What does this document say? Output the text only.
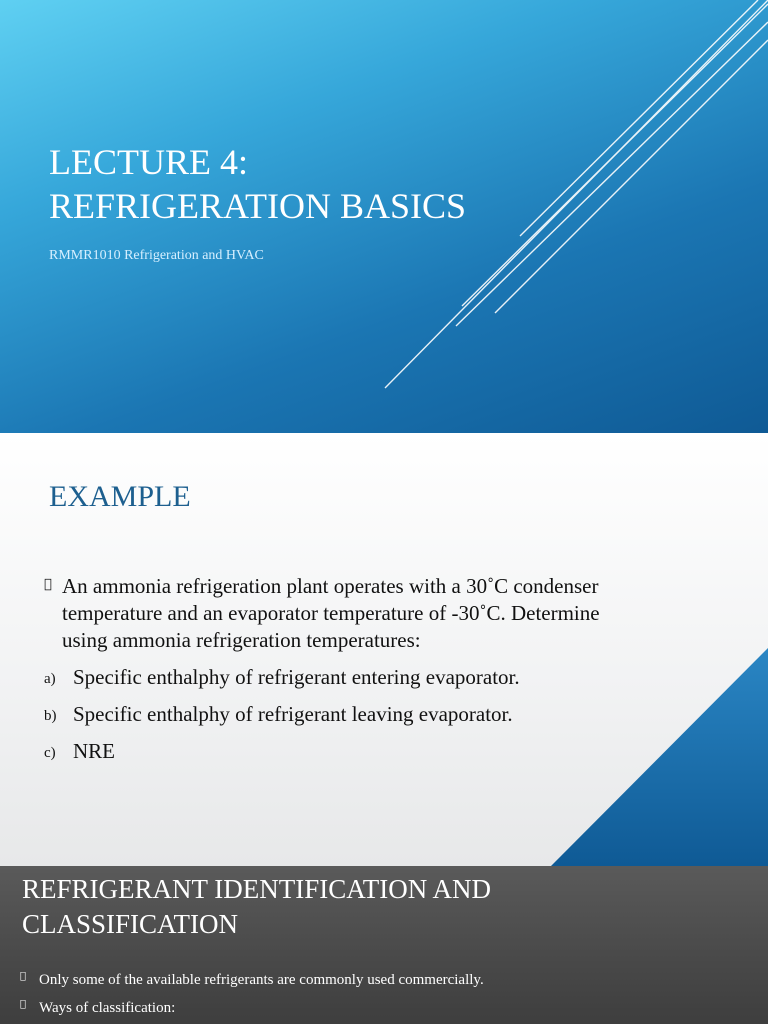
LECTURE 4:
REFRIGERATION BASICS
RMMR1010 Refrigeration and HVAC
EXAMPLE
An ammonia refrigeration plant operates with a 30˚C condenser
temperature and an evaporator temperature of -30˚C. Determine
using ammonia refrigeration temperatures:
a) Specific enthalphy of refrigerant entering evaporator.
b) Specific enthalphy of refrigerant leaving evaporator.
c) NRE
REFRIGERANT IDENTIFICATION AND
CLASSIFICATION
Only some of the available refrigerants are commonly used commercially.
Ways of classification:
